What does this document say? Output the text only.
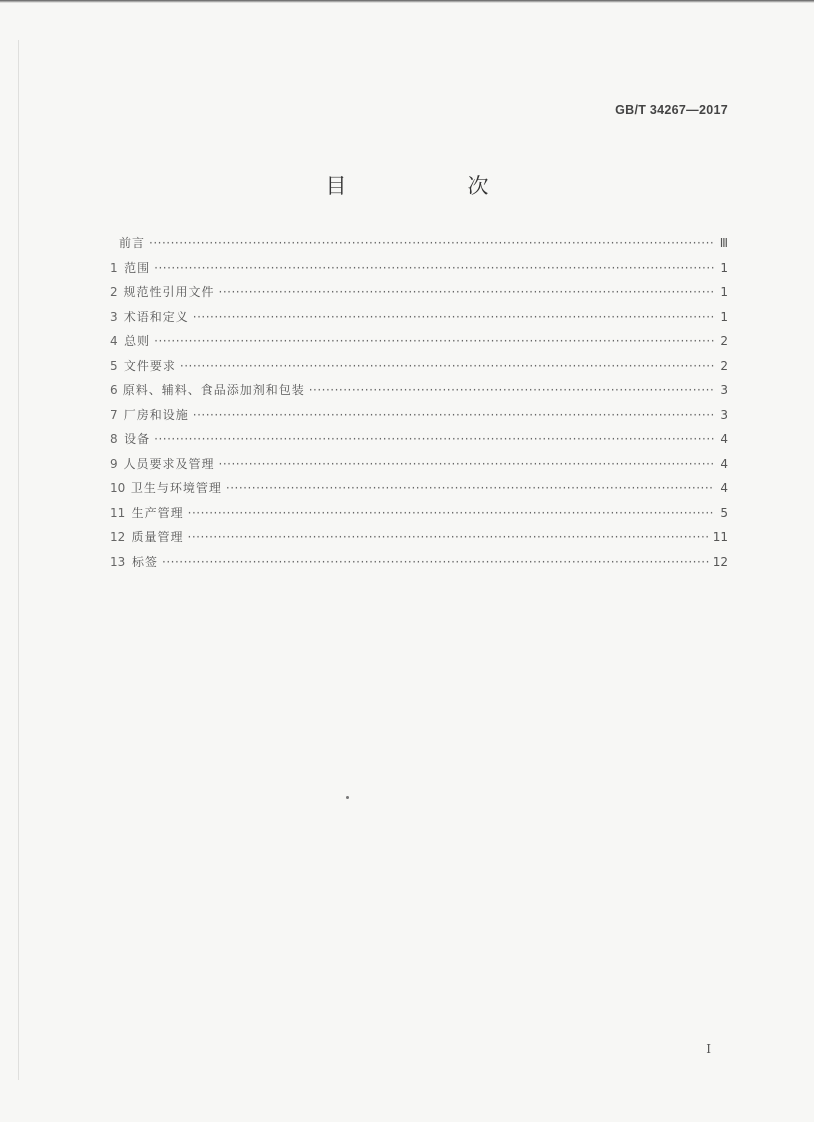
GB/T 34267—2017
目　次
前言 ·····	Ⅲ
1 范围 ·····	1
2 规范性引用文件 ·····	1
3 术语和定义 ·····	1
4 总则 ·····	2
5 文件要求 ·····	2
6 原料、辅料、食品添加剂和包装 ·····	3
7 厂房和设施 ·····	3
8 设备 ·····	4
9 人员要求及管理 ·····	4
10 卫生与环境管理 ·····	4
11 生产管理 ·····	5
12 质量管理 ·····	11
13 标签 ·····	12
I
